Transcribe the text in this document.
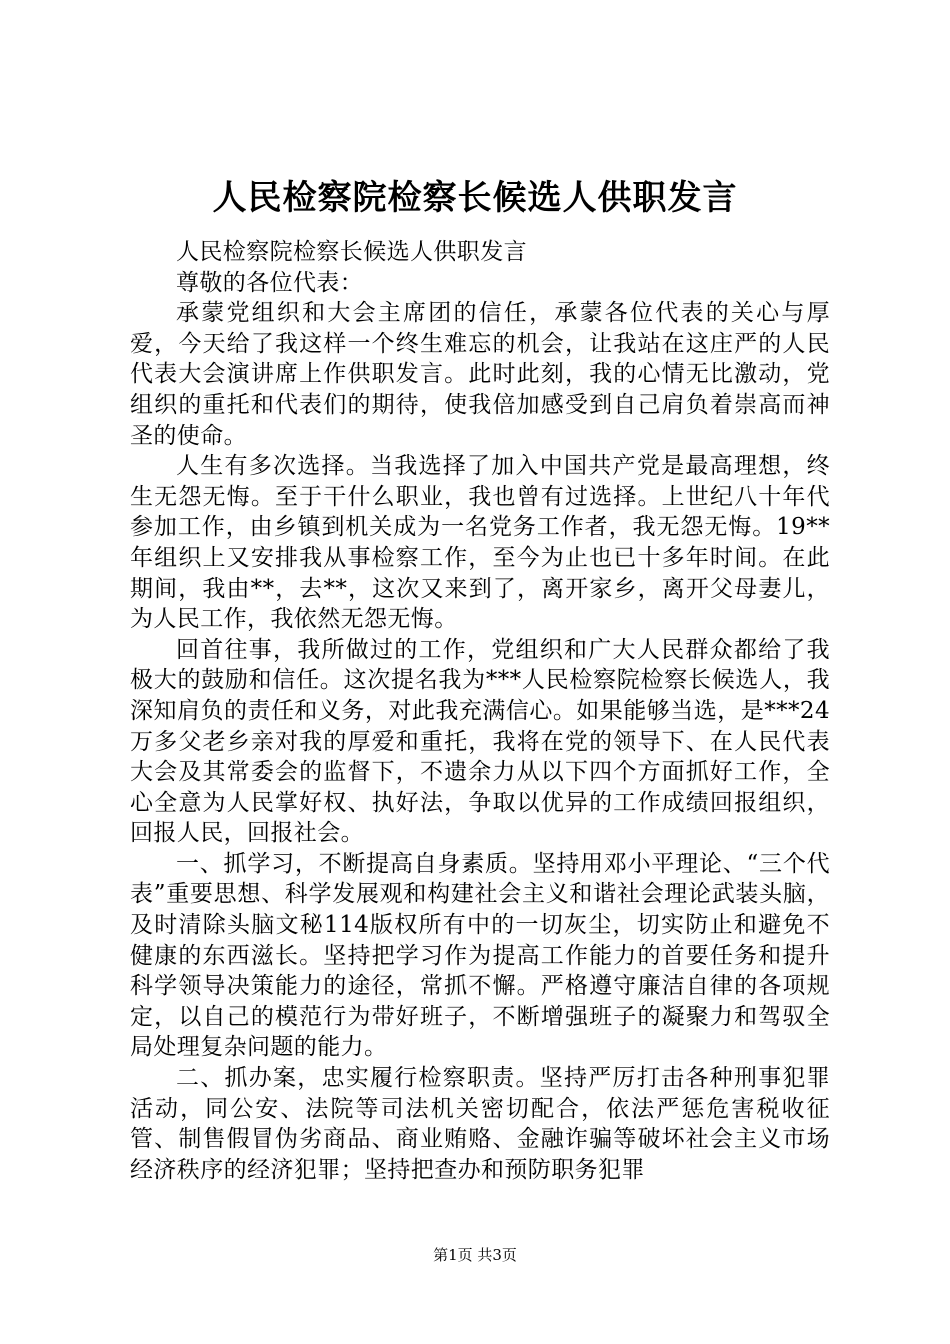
人民检察院检察长候选人供职发言

人民检察院检察长候选人供职发言

尊敬的各位代表：

承蒙党组织和大会主席团的信任，承蒙各位代表的关心与厚爱，今天给了我这样一个终生难忘的机会，让我站在这庄严的人民代表大会演讲席上作供职发言。此时此刻，我的心情无比激动，党组织的重托和代表们的期待，使我倍加感受到自己肩负着崇高而神圣的使命。

人生有多次选择。当我选择了加入中国共产党是最高理想，终生无怨无悔。至于干什么职业，我也曾有过选择。上世纪八十年代参加工作，由乡镇到机关成为一名党务工作者，我无怨无悔。19**年组织上又安排我从事检察工作，至今为止也已十多年时间。在此期间，我由**，去**，这次又来到了，离开家乡，离开父母妻儿，为人民工作，我依然无怨无悔。

回首往事，我所做过的工作，党组织和广大人民群众都给了我极大的鼓励和信任。这次提名我为***人民检察院检察长候选人，我深知肩负的责任和义务，对此我充满信心。如果能够当选，是***24万多父老乡亲对我的厚爱和重托，我将在党的领导下、在人民代表大会及其常委会的监督下，不遗余力从以下四个方面抓好工作，全心全意为人民掌好权、执好法，争取以优异的工作成绩回报组织，回报人民，回报社会。

一、抓学习，不断提高自身素质。坚持用邓小平理论、“三个代表”重要思想、科学发展观和构建社会主义和谐社会理论武装头脑，及时清除头脑文秘114版权所有中的一切灰尘，切实防止和避免不健康的东西滋长。坚持把学习作为提高工作能力的首要任务和提升科学领导决策能力的途径，常抓不懈。严格遵守廉洁自律的各项规定，以自己的模范行为带好班子，不断增强班子的凝聚力和驾驭全局处理复杂问题的能力。

二、抓办案，忠实履行检察职责。坚持严厉打击各种刑事犯罪活动，同公安、法院等司法机关密切配合，依法严惩危害税收征管、制售假冒伪劣商品、商业贿赂、金融诈骗等破坏社会主义市场经济秩序的经济犯罪；坚持把查办和预防职务犯罪

第1页 共3页
